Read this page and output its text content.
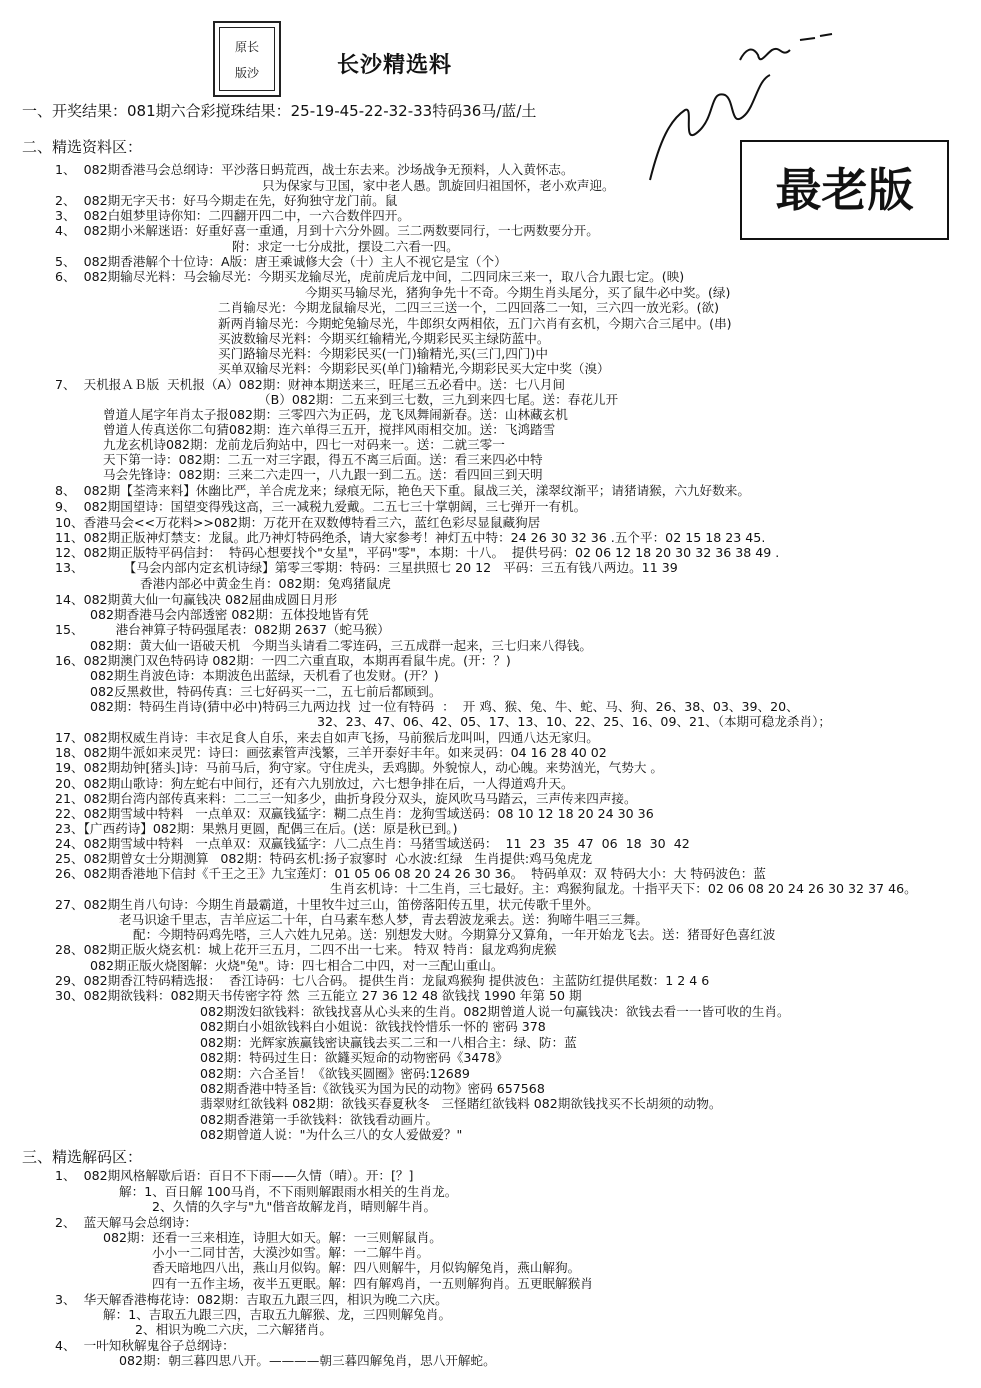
原长
版沙	长沙精选料
最老版
一、开奖结果：081期六合彩搅珠结果：25-19-45-22-32-33特码36马/蓝/土
二、精选资料区：
1、  082期香港马会总纲诗：平沙落日蚂荒西，战士东去来。沙场战争无预料，人入黄怀志。
只为保家与卫国，家中老人愚。凯旋回归祖国怀，老小欢声迎。
2、  082期无字天书：好马今期走在先，好狗独守龙门前。鼠
3、  082白姐梦里诗你知：二四翻开四二中，一六合数伴四开。
4、  082期小米解迷语：好重好喜一重通，月到十六分外圆。三二两数要同行，一七两数要分开。
附：求定一七分成批，摆设二六看一四。
5、  082期香港解个十位诗：A版：唐王乘诚修大会（十）主人不视它是宝（个）
6、  082期输尽光料：马会输尽光：今期买龙输尽光，虎前虎后龙中间，二四同床三来一，取八合九跟七定。(映)
今期买马输尽光，猪狗争先十不奇。今期生肖头尾分，买了鼠牛必中奖。(绿)
二肖输尽光：今期龙鼠输尽光，二四三三送一个，二四回落二一知，三六四一放光彩。(欲)
新两肖输尽光：今期蛇兔输尽光，牛郎织女两相依，五门六肖有玄机，今期六合三尾中。(串)
买波数输尽光料：今期买红输精光,今期彩民买主绿防蓝中。
买门路输尽光料：今期彩民买(一门)输精光,买(三门,四门)中
买单双输尽光料：今期彩民买(单门)输精光,今期彩民买大定中奖（溴）
7、  天机报ＡＢ版  天机报（A）082期：财神本期送来三，旺尾三五必看中。送：七八月间
（B）082期：二五来到三七数，三九到来四七尾。送：春花儿开
曾道人尾字年肖太子报082期：三零四六为正码，龙飞凤舞闹新春。送：山林藏玄机
曾道人传真送你二句猜082期：连六单得三五开，搅拌风雨相交加。送：飞鸿踏雪
九龙玄机诗082期：龙前龙后狗站中，四七一对码来一。送：二就三零一
天下第一诗：082期：二五一对三字跟，得五不离三后面。送：看三来四必中特
马会先锋诗：082期：三来二六走四一，八九跟一到二五。送：看四回三到天明
8、  082期【荃湾来料】休幽比严，羊合虎龙来；绿痕无际，艳色天下重。鼠战三关，漾翠纹渐平；请猪请猴，六九好数来。
9、  082期国望诗：国望变得残这高，三一减税九爱戴。二五七三十掌朝阔，三七弹开一有机。
10、香港马会<<万花料>>082期：万花开在双数傅特看三六，蓝红色彩尽显鼠藏狗居
11、082期正版神灯禁支：龙鼠。此乃神灯特码绝杀，请大家参考！神灯五中特：24 26 30 32 36 .五个平：02 15 18 23 45.
12、082期正版特平码信封：  特码心想要找个"女星"，平码"零"，本期：十八。  提供号码：02 06 12 18 20 30 32 36 38 49 .
13、          【马会内部内定玄机诗绿】第零三零期：特码：三星拱照七 20 12   平码：三五有钱八两边。11 39
香港内部必中黄金生肖：082期：兔鸡猪鼠虎
14、082期黄大仙一句赢钱决 082屈曲成圆日月形
082期香港马会内部透密 082期：五体投地皆有凭
15、        港台神算子特码强尾表：082期 2637（蛇马猴）
082期：黄大仙一语破天机   今期当头请看二零连码，三五成群一起来，三七归来八得钱。
16、082期澳门双色特码诗 082期：一四二六重直取，本期再看鼠牛虎。(开：？)
082期生肖波色诗：本期波色出蓝绿，天机看了也发财。(开？)
082反黑救世，特码传真：三七好码买一二，五七前后都顾到。
082期：特码生肖诗(猜中必中)特码三九两边找  过一位有特码  ：  开 鸡、猴、兔、牛、蛇、马、狗、26、38、03、39、20、
32、23、47、06、42、05、17、13、10、22、25、16、09、21、（本期可稳龙杀肖）；
17、082期权威生肖诗：丰衣足食人自乐，来去自如声飞扬，马前猴后龙叫叫，四通八达无家归。
18、082期牛派如来灵咒：诗曰：画弦素管声浅繁，三羊开泰好丰年。如来灵码：04 16 28 40 02
19、082期劫钟[猪头]诗：马前马后，狗守家。守住虎头，丢鸡脚。外貌惊人，动心魄。来势汹光，气势大 。
20、082期山歌诗：狗左蛇右中间行，还有六九别放过，六七想争排在后，一人得道鸡升天。
21、082期台湾内部传真来料：二二三一知多少，曲折身段分双头，旋风吹马马踏云，三声传来四声接。
22、082期雪域中特料   一点单双：双赢钱猛字：糊二点生肖：龙狗雪域送码：08 10 12 18 20 24 30 36
23、【广西药诗】082期：果熟月更圆，配偶三在后。(送：原是秋已到。)
24、082期雪域中特料   一点单双：双赢钱猛字：八二点生肖：马猪雪域送码：  11  23  35  47  06  18  30  42
25、082期曾女士分期测算   082期：特码玄机:扬子寂寥时  心水波:红绿   生肖提供:鸡马兔虎龙
26、082期香港地下信封《千王之王》九宝莲灯：01 05 06 08 20 24 26 30 36。  特码单双：双 特码大小：大 特码波色：蓝
生肖玄机诗：十二生肖，三七最好。主：鸡猴狗鼠龙。十指平天下：02 06 08 20 24 26 30 32 37 46。
27、082期生肖八句诗：今期生肖最霸道，十里牧牛过三山，笛傍落阳传五里，状元传歌千里外。
老马识途千里志，吉羊应运二十年，白马素车愁人梦，青去碧波龙乘去。送：狗啼牛唱三三舞。
配：今期特码鸡先嗒，三人六姓九兄弟。送：别想发大财。今期算分又算角，一年开始龙飞去。送：猪哥好色喜红波
28、082期正版火烧玄机：城上花开三五月，二四不出一七来。 特双 特肖：鼠龙鸡狗虎猴
082期正版火烧图解：火烧"兔"。诗：四七相合二中四，对一三配山重山。
29、082期香江特码精选报：  香江诗码：七八合码。 提供生肖：龙鼠鸡猴狗 提供波色：主蓝防红提供尾数：1 2 4 6
30、082期欲钱料：082期天书传密字符 然  三五能立 27 36 12 48 欲钱找 1990 年第 50 期
082期泼妇欲钱料：欲钱找喜从心头来的生肖。082期曾道人说一句赢钱决：欲钱去看一一皆可收的生肖。
082期白小姐欲钱料白小姐说：欲钱找怜惜乐一怀的 密码 378
082期：光辉家族赢钱密诀赢钱去买二三和一八相合主：绿、防：蓝
082期：特码过生日：欲鑝买短命的动物密码《3478》
082期：六合圣旨！《欲钱买圆圈》密码:12689
082期香港中特圣旨:《欲钱买为国为民的动物》密码 657568
翡翠财红欲钱料 082期：欲钱买春夏秋冬   三怪賭红欲钱料 082期欲钱找买不长胡须的动物。
082期香港第一手欲钱料：欲钱看动画片。
082期曾道人说："为什么三八的女人爱做爱？"
三、精选解码区：
1、  082期风格解歇后语：百日不下雨——久情（晴）。开：[？]
解：1、百日解 100马肖，不下雨则解跟雨水相关的生肖龙。
2、久情的久字与"九"偕音故解龙肖，晴则解牛肖。
2、  蓝天解马会总纲诗：
082期：还看一三来相连，诗胆大如天。解：一三则解鼠肖。
小小一二同甘苦，大漠沙如雪。解：一二解牛肖。
香天暗地四八出，燕山月似钩。解：四八则解牛，月似钩解兔肖，燕山解狗。
四有一五作主场，夜半五更眠。解：四有解鸡肖，一五则解狗肖。五更眠解猴肖
3、  华天解香港梅花诗：082期：吉取五九跟三四，相识为晚二六庆。
解：1、吉取五九跟三四，吉取五九解猴、龙，三四则解兔肖。
2、相识为晚二六庆，二六解猪肖。
4、  一叶知秋解鬼谷子总纲诗：
082期：朝三暮四思八开。————朝三暮四解兔肖，思八开解蛇。
